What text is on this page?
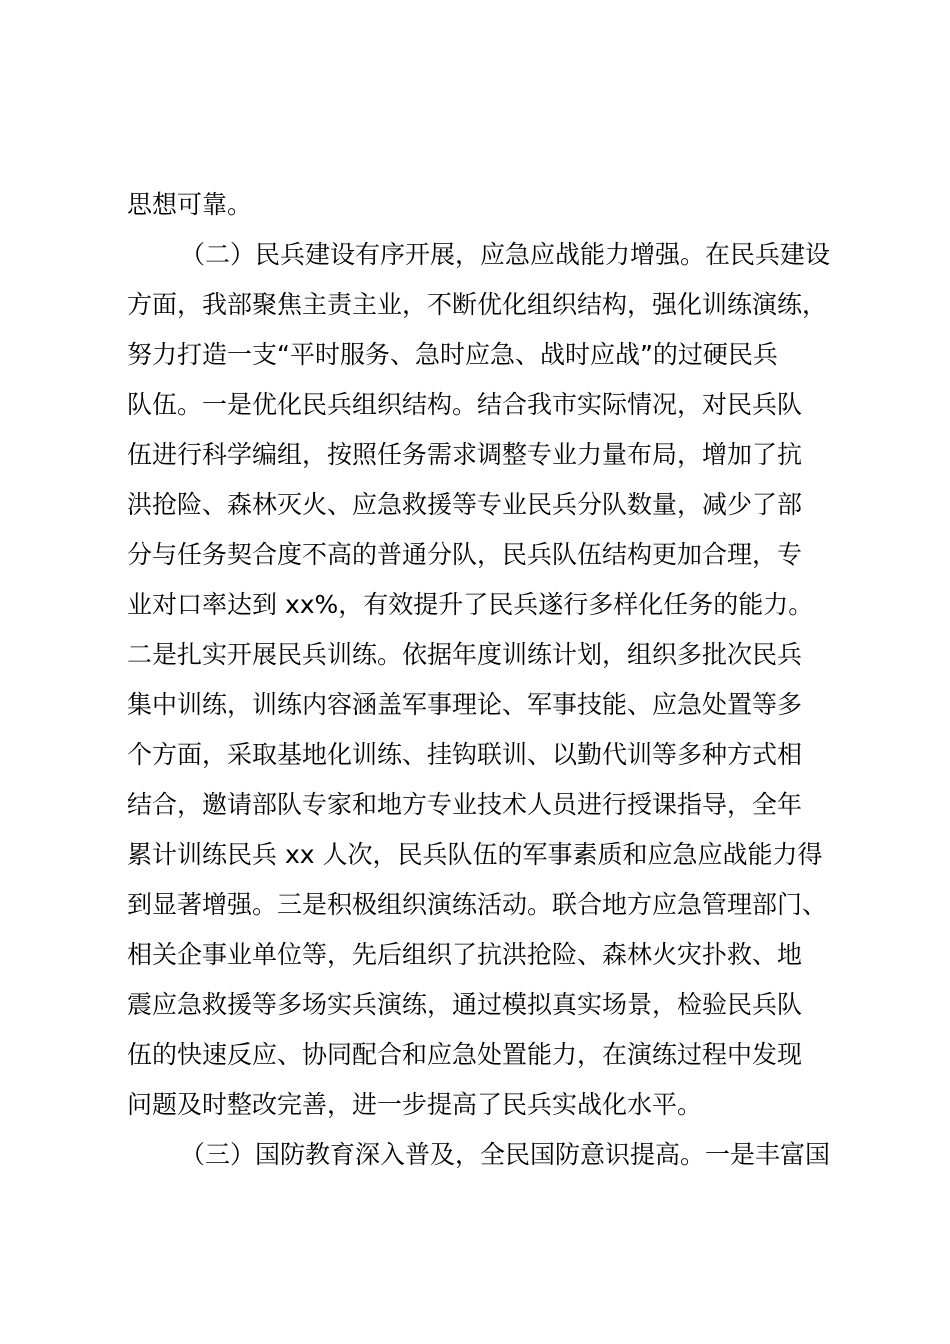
思想可靠。
（二）民兵建设有序开展，应急应战能力增强。在民兵建设
方面，我部聚焦主责主业，不断优化组织结构，强化训练演练，
努力打造一支“平时服务、急时应急、战时应战”的过硬民兵
队伍。一是优化民兵组织结构。结合我市实际情况，对民兵队
伍进行科学编组，按照任务需求调整专业力量布局，增加了抗
洪抢险、森林灭火、应急救援等专业民兵分队数量，减少了部
分与任务契合度不高的普通分队，民兵队伍结构更加合理，专
业对口率达到 xx%，有效提升了民兵遂行多样化任务的能力。
二是扎实开展民兵训练。依据年度训练计划，组织多批次民兵
集中训练，训练内容涵盖军事理论、军事技能、应急处置等多
个方面，采取基地化训练、挂钩联训、以勤代训等多种方式相
结合，邀请部队专家和地方专业技术人员进行授课指导，全年
累计训练民兵 xx 人次，民兵队伍的军事素质和应急应战能力得
到显著增强。三是积极组织演练活动。联合地方应急管理部门、
相关企事业单位等，先后组织了抗洪抢险、森林火灾扑救、地
震应急救援等多场实兵演练，通过模拟真实场景，检验民兵队
伍的快速反应、协同配合和应急处置能力，在演练过程中发现
问题及时整改完善，进一步提高了民兵实战化水平。
（三）国防教育深入普及，全民国防意识提高。一是丰富国
